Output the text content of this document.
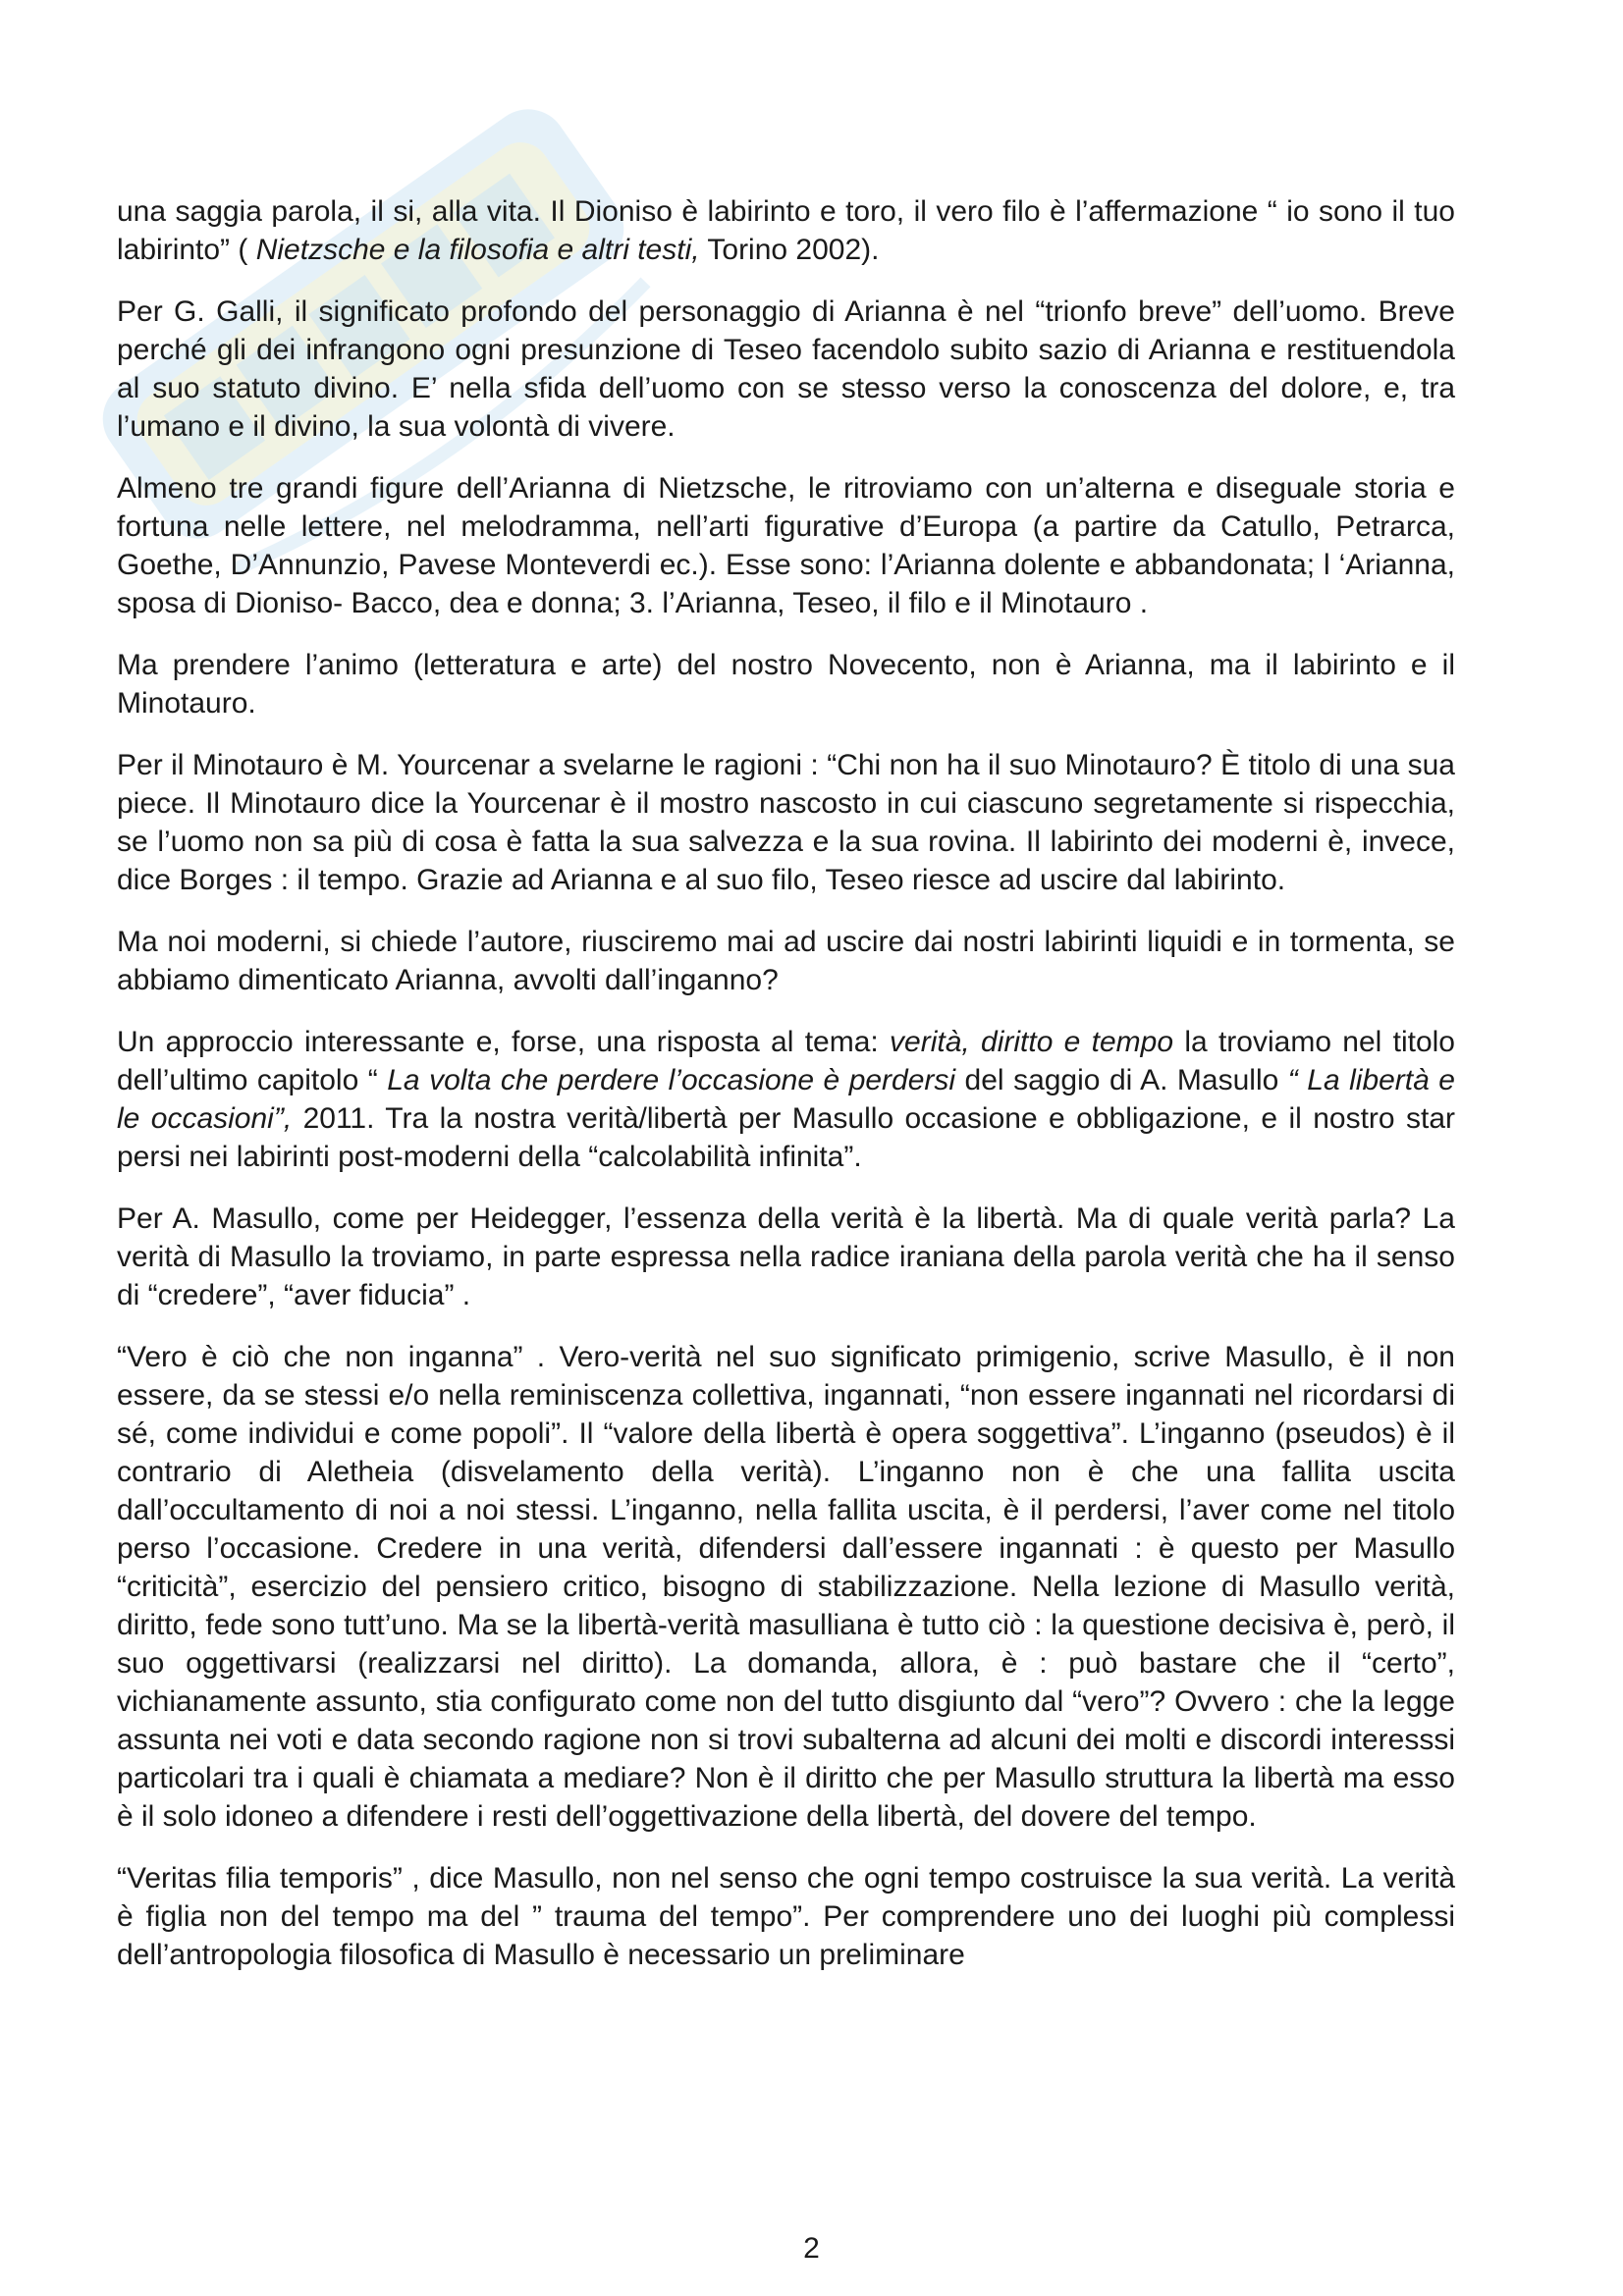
una saggia parola, il si, alla vita. Il Dioniso è labirinto e toro, il vero filo è l’affermazione “ io sono il tuo labirinto” ( Nietzsche e la filosofia e altri testi, Torino 2002).

Per G. Galli, il significato profondo del personaggio di Arianna è nel “trionfo breve” dell’uomo. Breve perché gli dei infrangono ogni presunzione di Teseo facendolo subito sazio di Arianna e restituendola al suo statuto divino. E’ nella sfida dell’uomo con se stesso verso la conoscenza del dolore, e, tra l’umano e il divino, la sua volontà di vivere.

Almeno tre grandi figure dell’Arianna di Nietzsche, le ritroviamo con un’alterna e diseguale storia e fortuna nelle lettere, nel melodramma, nell’arti figurative d’Europa (a partire da Catullo, Petrarca, Goethe, D’Annunzio, Pavese Monteverdi ec.). Esse sono: l’Arianna dolente e abbandonata; l ‘Arianna, sposa di Dioniso- Bacco, dea e donna; 3. l’Arianna, Teseo, il filo e il Minotauro .

Ma prendere l’animo (letteratura e arte) del nostro Novecento, non è Arianna, ma il labirinto e il Minotauro.

Per il Minotauro è M. Yourcenar a svelarne le ragioni : “Chi non ha il suo Minotauro? È titolo di una sua piece. Il Minotauro dice la Yourcenar è il mostro nascosto in cui ciascuno segretamente si rispecchia, se l’uomo non sa più di cosa è fatta la sua salvezza e la sua rovina. Il labirinto dei moderni è, invece, dice Borges : il tempo. Grazie ad Arianna e al suo filo, Teseo riesce ad uscire dal labirinto.

Ma noi moderni, si chiede l’autore, riusciremo mai ad uscire dai nostri labirinti liquidi e in tormenta, se abbiamo dimenticato Arianna, avvolti dall’inganno?

Un approccio interessante e, forse, una risposta al tema: verità, diritto e tempo la troviamo nel titolo dell’ultimo capitolo “ La volta che perdere l’occasione è perdersi del saggio di A. Masullo “ La libertà e le occasioni”, 2011. Tra la nostra verità/libertà per Masullo occasione e obbligazione, e il nostro star persi nei labirinti post-moderni della “calcolabilità infinita”.

Per A. Masullo, come per Heidegger, l’essenza della verità è la libertà. Ma di quale verità parla? La verità di Masullo la troviamo, in parte espressa nella radice iraniana della parola verità che ha il senso di “credere”, “aver fiducia” .

“Vero è ciò che non inganna” . Vero-verità nel suo significato primigenio, scrive Masullo, è il non essere, da se stessi e/o nella reminiscenza collettiva, ingannati, “non essere ingannati nel ricordarsi di sé, come individui e come popoli”. Il “valore della libertà è opera soggettiva”. L’inganno (pseudos) è il contrario di Aletheia (disvelamento della verità). L’inganno non è che una fallita uscita dall’occultamento di noi a noi stessi. L’inganno, nella fallita uscita, è il perdersi, l’aver come nel titolo perso l’occasione. Credere in una verità, difendersi dall’essere ingannati : è questo per Masullo “criticità”, esercizio del pensiero critico, bisogno di stabilizzazione. Nella lezione di Masullo verità, diritto, fede sono tutt’uno. Ma se la libertà-verità masulliana è tutto ciò : la questione decisiva è, però, il suo oggettivarsi (realizzarsi nel diritto). La domanda, allora, è : può bastare che il “certo”, vichianamente assunto, stia configurato come non del tutto disgiunto dal “vero”? Ovvero : che la legge assunta nei voti e data secondo ragione non si trovi subalterna ad alcuni dei molti e discordi interesssi particolari tra i quali è chiamata a mediare? Non è il diritto che per Masullo struttura la libertà ma esso è il solo idoneo a difendere i resti dell’oggettivazione della libertà, del dovere del tempo.

“Veritas filia temporis” , dice Masullo, non nel senso che ogni tempo costruisce la sua verità. La verità è figlia non del tempo ma del ” trauma del tempo”. Per comprendere uno dei luoghi più complessi dell’antropologia filosofica di Masullo è necessario un preliminare

2
